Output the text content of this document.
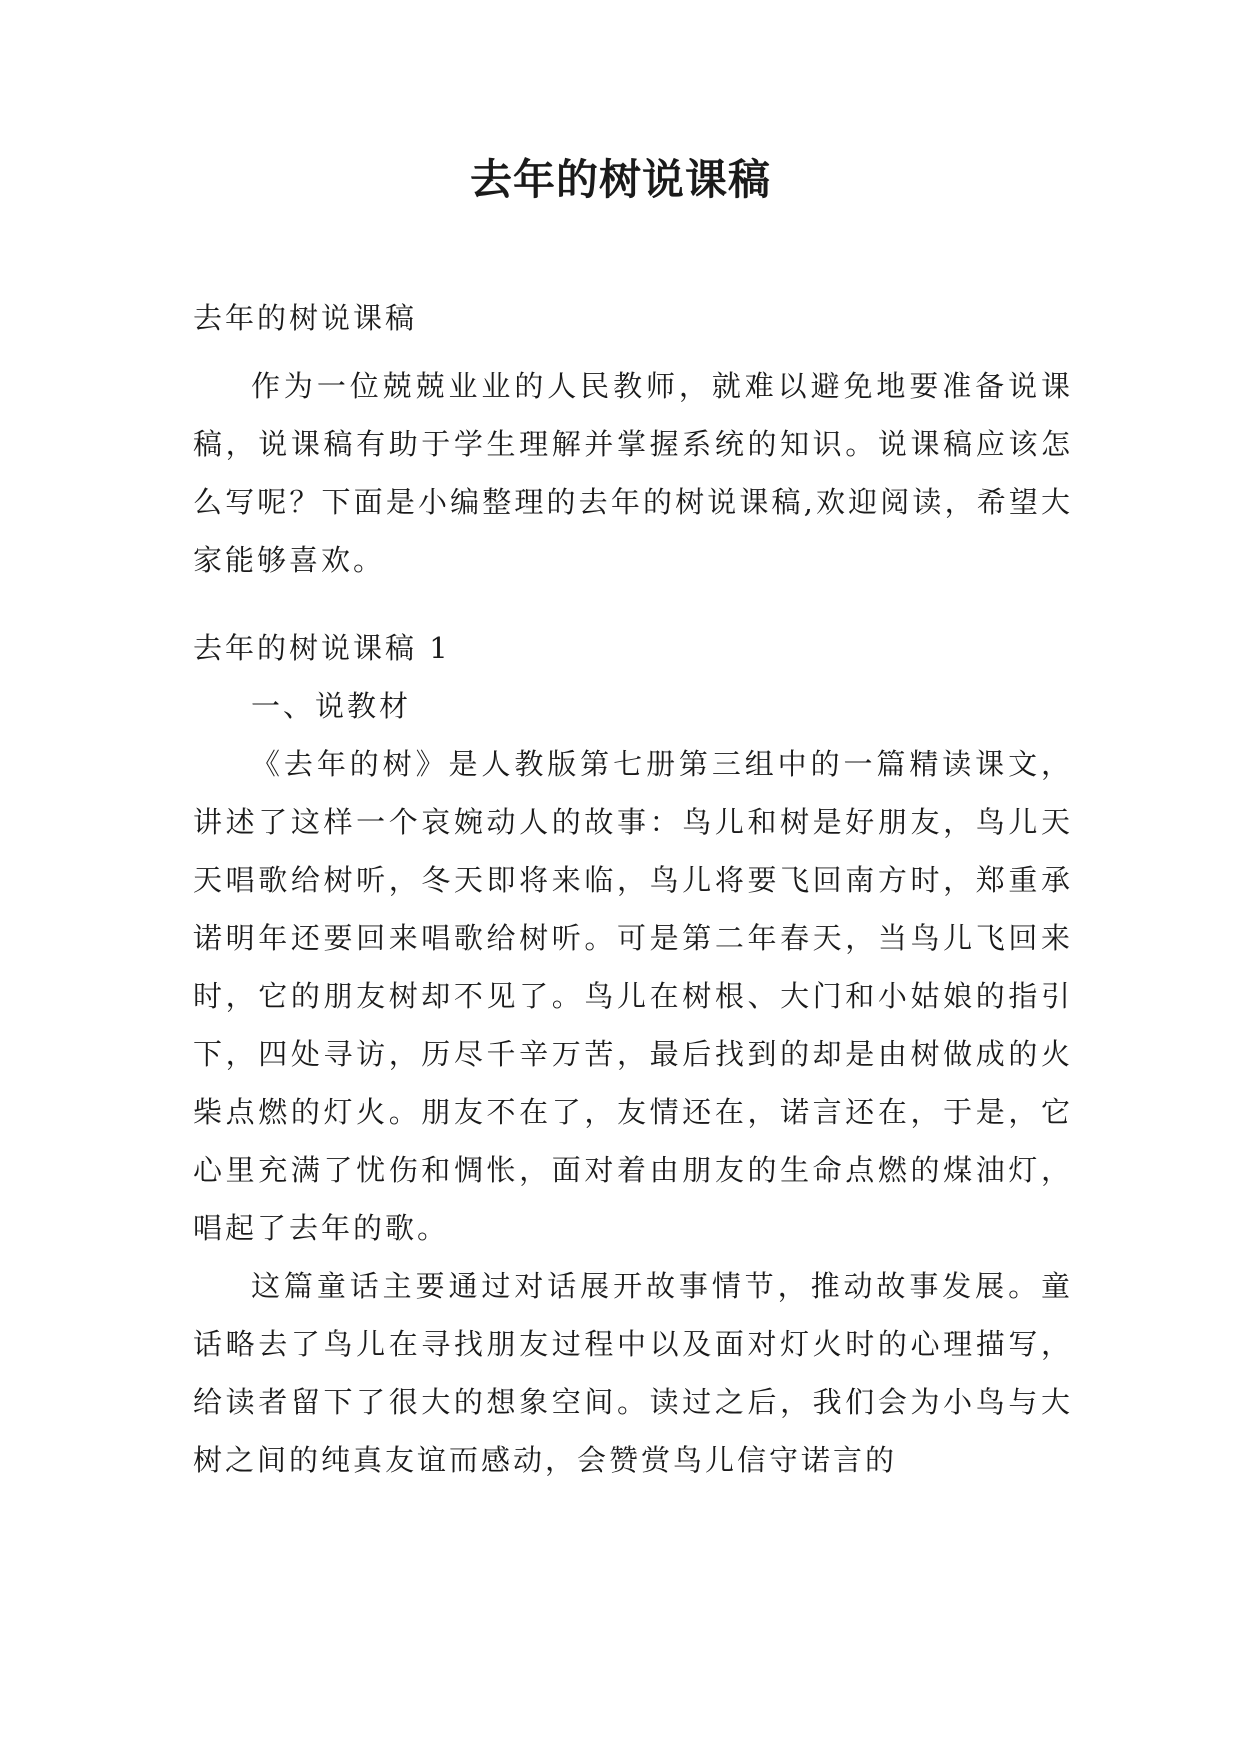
去年的树说课稿
去年的树说课稿

作为一位兢兢业业的人民教师，就难以避免地要准备说课稿，说课稿有助于学生理解并掌握系统的知识。说课稿应该怎么写呢？下面是小编整理的去年的树说课稿,欢迎阅读，希望大家能够喜欢。

去年的树说课稿 1

一、说教材

《去年的树》是人教版第七册第三组中的一篇精读课文，讲述了这样一个哀婉动人的故事：鸟儿和树是好朋友，鸟儿天天唱歌给树听，冬天即将来临，鸟儿将要飞回南方时，郑重承诺明年还要回来唱歌给树听。可是第二年春天，当鸟儿飞回来时，它的朋友树却不见了。鸟儿在树根、大门和小姑娘的指引下，四处寻访，历尽千辛万苦，最后找到的却是由树做成的火柴点燃的灯火。朋友不在了，友情还在，诺言还在，于是，它心里充满了忧伤和惆怅，面对着由朋友的生命点燃的煤油灯，唱起了去年的歌。

这篇童话主要通过对话展开故事情节，推动故事发展。童话略去了鸟儿在寻找朋友过程中以及面对灯火时的心理描写，给读者留下了很大的想象空间。读过之后，我们会为小鸟与大树之间的纯真友谊而感动，会赞赏鸟儿信守诺言的
